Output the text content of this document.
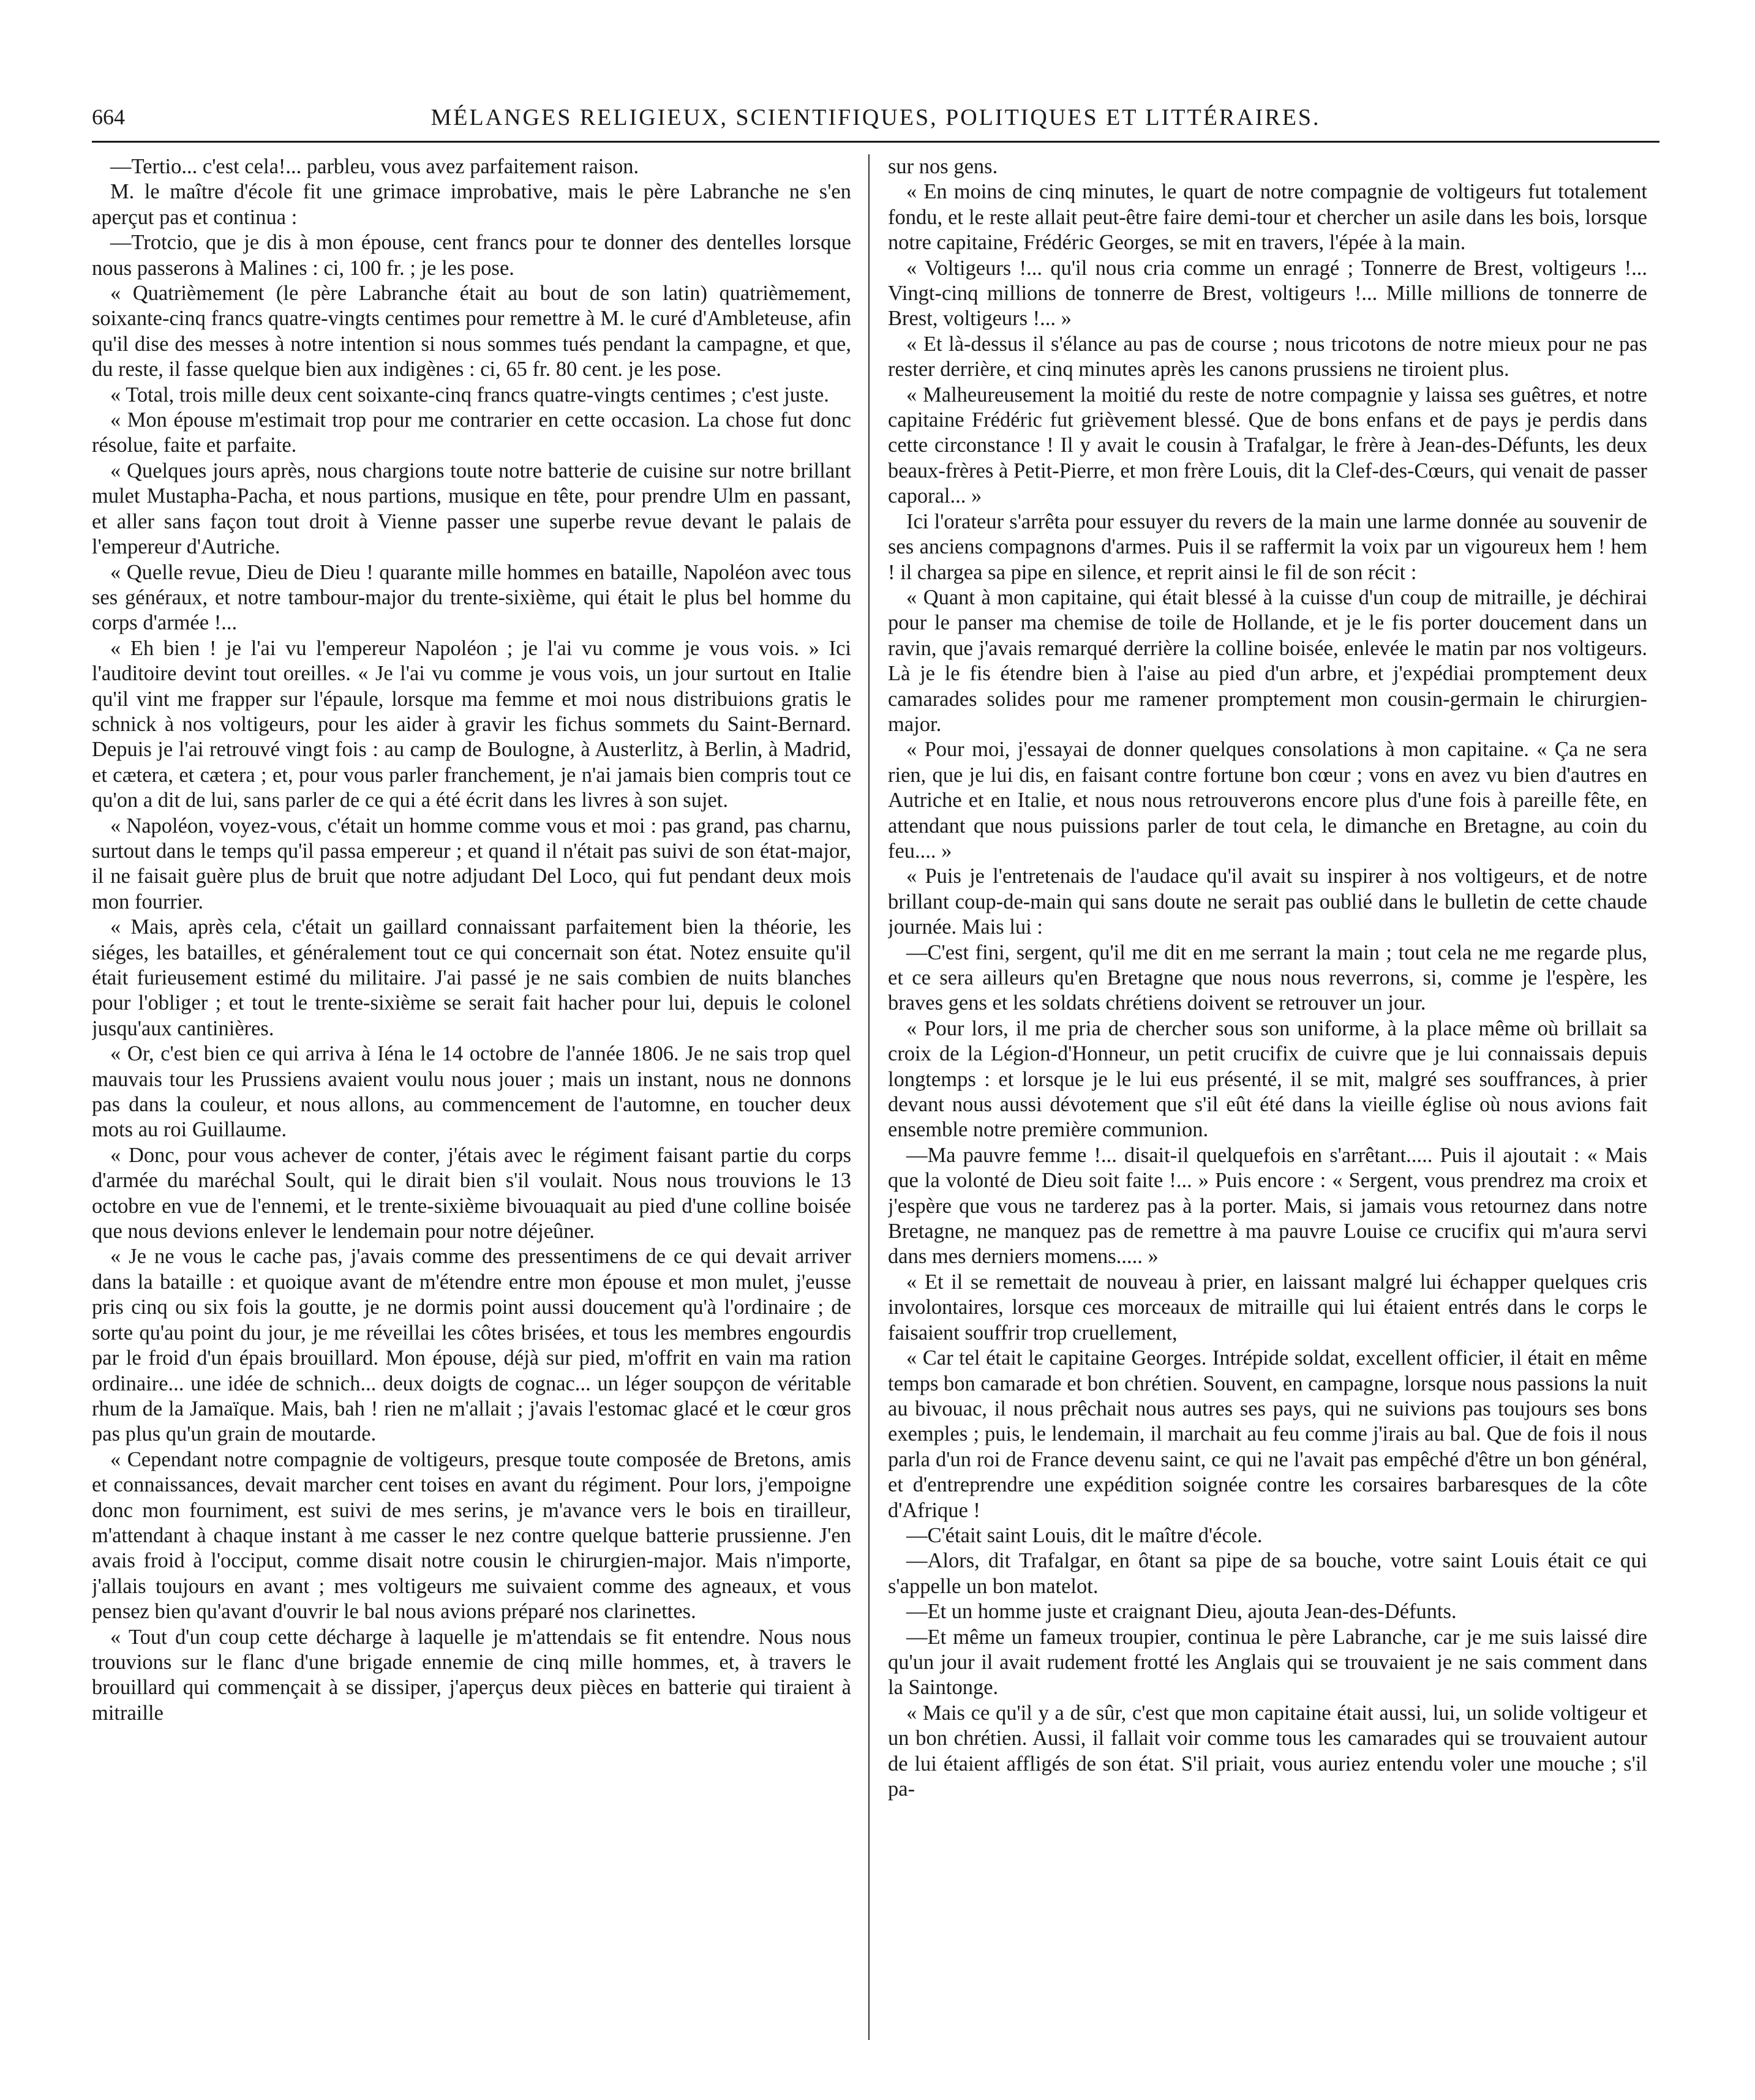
664	MÉLANGES RELIGIEUX, SCIENTIFIQUES, POLITIQUES ET LITTÉRAIRES.

—Tertio... c'est cela!... parbleu, vous avez parfaitement raison.

M. le maître d'école fit une grimace improbative, mais le père Labranche ne s'en aperçut pas et continua :

—Trotcio, que je dis à mon épouse, cent francs pour te donner des dentelles lorsque nous passerons à Malines : ci, 100 fr. ; je les pose.

« Quatrièmement (le père Labranche était au bout de son latin) quatrièmement, soixante-cinq francs quatre-vingts centimes pour remettre à M. le curé d'Ambleteuse, afin qu'il dise des messes à notre intention si nous sommes tués pendant la campagne, et que, du reste, il fasse quelque bien aux indigènes : ci, 65 fr. 80 cent. je les pose.

« Total, trois mille deux cent soixante-cinq francs quatre-vingts centimes ; c'est juste.

« Mon épouse m'estimait trop pour me contrarier en cette occasion. La chose fut donc résolue, faite et parfaite.

« Quelques jours après, nous chargions toute notre batterie de cuisine sur notre brillant mulet Mustapha-Pacha, et nous partions, musique en tête, pour prendre Ulm en passant, et aller sans façon tout droit à Vienne passer une superbe revue devant le palais de l'empereur d'Autriche.

« Quelle revue, Dieu de Dieu ! quarante mille hommes en bataille, Napoléon avec tous ses généraux, et notre tambour-major du trente-sixième, qui était le plus bel homme du corps d'armée !...

« Eh bien ! je l'ai vu l'empereur Napoléon ; je l'ai vu comme je vous vois. » Ici l'auditoire devint tout oreilles. « Je l'ai vu comme je vous vois, un jour surtout en Italie qu'il vint me frapper sur l'épaule, lorsque ma femme et moi nous distribuions gratis le schnick à nos voltigeurs, pour les aider à gravir les fichus sommets du Saint-Bernard. Depuis je l'ai retrouvé vingt fois : au camp de Boulogne, à Austerlitz, à Berlin, à Madrid, et cætera, et cætera ; et, pour vous parler franchement, je n'ai jamais bien compris tout ce qu'on a dit de lui, sans parler de ce qui a été écrit dans les livres à son sujet.

« Napoléon, voyez-vous, c'était un homme comme vous et moi : pas grand, pas charnu, surtout dans le temps qu'il passa empereur ; et quand il n'était pas suivi de son état-major, il ne faisait guère plus de bruit que notre adjudant Del Loco, qui fut pendant deux mois mon fourrier.

« Mais, après cela, c'était un gaillard connaissant parfaitement bien la théorie, les siéges, les batailles, et généralement tout ce qui concernait son état. Notez ensuite qu'il était furieusement estimé du militaire. J'ai passé je ne sais combien de nuits blanches pour l'obliger ; et tout le trente-sixième se serait fait hacher pour lui, depuis le colonel jusqu'aux cantinières.

« Or, c'est bien ce qui arriva à Iéna le 14 octobre de l'année 1806. Je ne sais trop quel mauvais tour les Prussiens avaient voulu nous jouer ; mais un instant, nous ne donnons pas dans la couleur, et nous allons, au commencement de l'automne, en toucher deux mots au roi Guillaume.

« Donc, pour vous achever de conter, j'étais avec le régiment faisant partie du corps d'armée du maréchal Soult, qui le dirait bien s'il voulait. Nous nous trouvions le 13 octobre en vue de l'ennemi, et le trente-sixième bivouaquait au pied d'une colline boisée que nous devions enlever le lendemain pour notre déjeûner.

« Je ne vous le cache pas, j'avais comme des pressentimens de ce qui devait arriver dans la bataille : et quoique avant de m'étendre entre mon épouse et mon mulet, j'eusse pris cinq ou six fois la goutte, je ne dormis point aussi doucement qu'à l'ordinaire ; de sorte qu'au point du jour, je me réveillai les côtes brisées, et tous les membres engourdis par le froid d'un épais brouillard. Mon épouse, déjà sur pied, m'offrit en vain ma ration ordinaire... une idée de schnich... deux doigts de cognac... un léger soupçon de véritable rhum de la Jamaïque. Mais, bah ! rien ne m'allait ; j'avais l'estomac glacé et le cœur gros pas plus qu'un grain de moutarde.

« Cependant notre compagnie de voltigeurs, presque toute composée de Bretons, amis et connaissances, devait marcher cent toises en avant du régiment. Pour lors, j'empoigne donc mon fourniment, est suivi de mes serins, je m'avance vers le bois en tirailleur, m'attendant à chaque instant à me casser le nez contre quelque batterie prussienne. J'en avais froid à l'occiput, comme disait notre cousin le chirurgien-major. Mais n'importe, j'allais toujours en avant ; mes voltigeurs me suivaient comme des agneaux, et vous pensez bien qu'avant d'ouvrir le bal nous avions préparé nos clarinettes.

« Tout d'un coup cette décharge à laquelle je m'attendais se fit entendre. Nous nous trouvions sur le flanc d'une brigade ennemie de cinq mille hommes, et, à travers le brouillard qui commençait à se dissiper, j'aperçus deux pièces en batterie qui tiraient à mitraille

sur nos gens.

« En moins de cinq minutes, le quart de notre compagnie de voltigeurs fut totalement fondu, et le reste allait peut-être faire demi-tour et chercher un asile dans les bois, lorsque notre capitaine, Frédéric Georges, se mit en travers, l'épée à la main.

« Voltigeurs !... qu'il nous cria comme un enragé ; Tonnerre de Brest, voltigeurs !... Vingt-cinq millions de tonnerre de Brest, voltigeurs !... Mille millions de tonnerre de Brest, voltigeurs !... »

« Et là-dessus il s'élance au pas de course ; nous tricotons de notre mieux pour ne pas rester derrière, et cinq minutes après les canons prussiens ne tiroient plus.

« Malheureusement la moitié du reste de notre compagnie y laissa ses guêtres, et notre capitaine Frédéric fut grièvement blessé. Que de bons enfans et de pays je perdis dans cette circonstance ! Il y avait le cousin à Trafalgar, le frère à Jean-des-Défunts, les deux beaux-frères à Petit-Pierre, et mon frère Louis, dit la Clef-des-Cœurs, qui venait de passer caporal... »

Ici l'orateur s'arrêta pour essuyer du revers de la main une larme donnée au souvenir de ses anciens compagnons d'armes. Puis il se raffermit la voix par un vigoureux hem ! hem ! il chargea sa pipe en silence, et reprit ainsi le fil de son récit :

« Quant à mon capitaine, qui était blessé à la cuisse d'un coup de mitraille, je déchirai pour le panser ma chemise de toile de Hollande, et je le fis porter doucement dans un ravin, que j'avais remarqué derrière la colline boisée, enlevée le matin par nos voltigeurs. Là je le fis étendre bien à l'aise au pied d'un arbre, et j'expédiai promptement deux camarades solides pour me ramener promptement mon cousin-germain le chirurgien-major.

« Pour moi, j'essayai de donner quelques consolations à mon capitaine. « Ça ne sera rien, que je lui dis, en faisant contre fortune bon cœur ; vons en avez vu bien d'autres en Autriche et en Italie, et nous nous retrouverons encore plus d'une fois à pareille fête, en attendant que nous puissions parler de tout cela, le dimanche en Bretagne, au coin du feu.... »

« Puis je l'entretenais de l'audace qu'il avait su inspirer à nos voltigeurs, et de notre brillant coup-de-main qui sans doute ne serait pas oublié dans le bulletin de cette chaude journée. Mais lui :

—C'est fini, sergent, qu'il me dit en me serrant la main ; tout cela ne me regarde plus, et ce sera ailleurs qu'en Bretagne que nous nous reverrons, si, comme je l'espère, les braves gens et les soldats chrétiens doivent se retrouver un jour.

« Pour lors, il me pria de chercher sous son uniforme, à la place même où brillait sa croix de la Légion-d'Honneur, un petit crucifix de cuivre que je lui connaissais depuis longtemps : et lorsque je le lui eus présenté, il se mit, malgré ses souffrances, à prier devant nous aussi dévotement que s'il eût été dans la vieille église où nous avions fait ensemble notre première communion.

—Ma pauvre femme !... disait-il quelquefois en s'arrêtant..... Puis il ajoutait : « Mais que la volonté de Dieu soit faite !... » Puis encore : « Sergent, vous prendrez ma croix et j'espère que vous ne tarderez pas à la porter. Mais, si jamais vous retournez dans notre Bretagne, ne manquez pas de remettre à ma pauvre Louise ce crucifix qui m'aura servi dans mes derniers momens..... »

« Et il se remettait de nouveau à prier, en laissant malgré lui échapper quelques cris involontaires, lorsque ces morceaux de mitraille qui lui étaient entrés dans le corps le faisaient souffrir trop cruellement,

« Car tel était le capitaine Georges. Intrépide soldat, excellent officier, il était en même temps bon camarade et bon chrétien. Souvent, en campagne, lorsque nous passions la nuit au bivouac, il nous prêchait nous autres ses pays, qui ne suivions pas toujours ses bons exemples ; puis, le lendemain, il marchait au feu comme j'irais au bal. Que de fois il nous parla d'un roi de France devenu saint, ce qui ne l'avait pas empêché d'être un bon général, et d'entreprendre une expédition soignée contre les corsaires barbaresques de la côte d'Afrique !

—C'était saint Louis, dit le maître d'école.

—Alors, dit Trafalgar, en ôtant sa pipe de sa bouche, votre saint Louis était ce qui s'appelle un bon matelot.

—Et un homme juste et craignant Dieu, ajouta Jean-des-Défunts.

—Et même un fameux troupier, continua le père Labranche, car je me suis laissé dire qu'un jour il avait rudement frotté les Anglais qui se trouvaient je ne sais comment dans la Saintonge.

« Mais ce qu'il y a de sûr, c'est que mon capitaine était aussi, lui, un solide voltigeur et un bon chrétien. Aussi, il fallait voir comme tous les camarades qui se trouvaient autour de lui étaient affligés de son état. S'il priait, vous auriez entendu voler une mouche ; s'il pa-
